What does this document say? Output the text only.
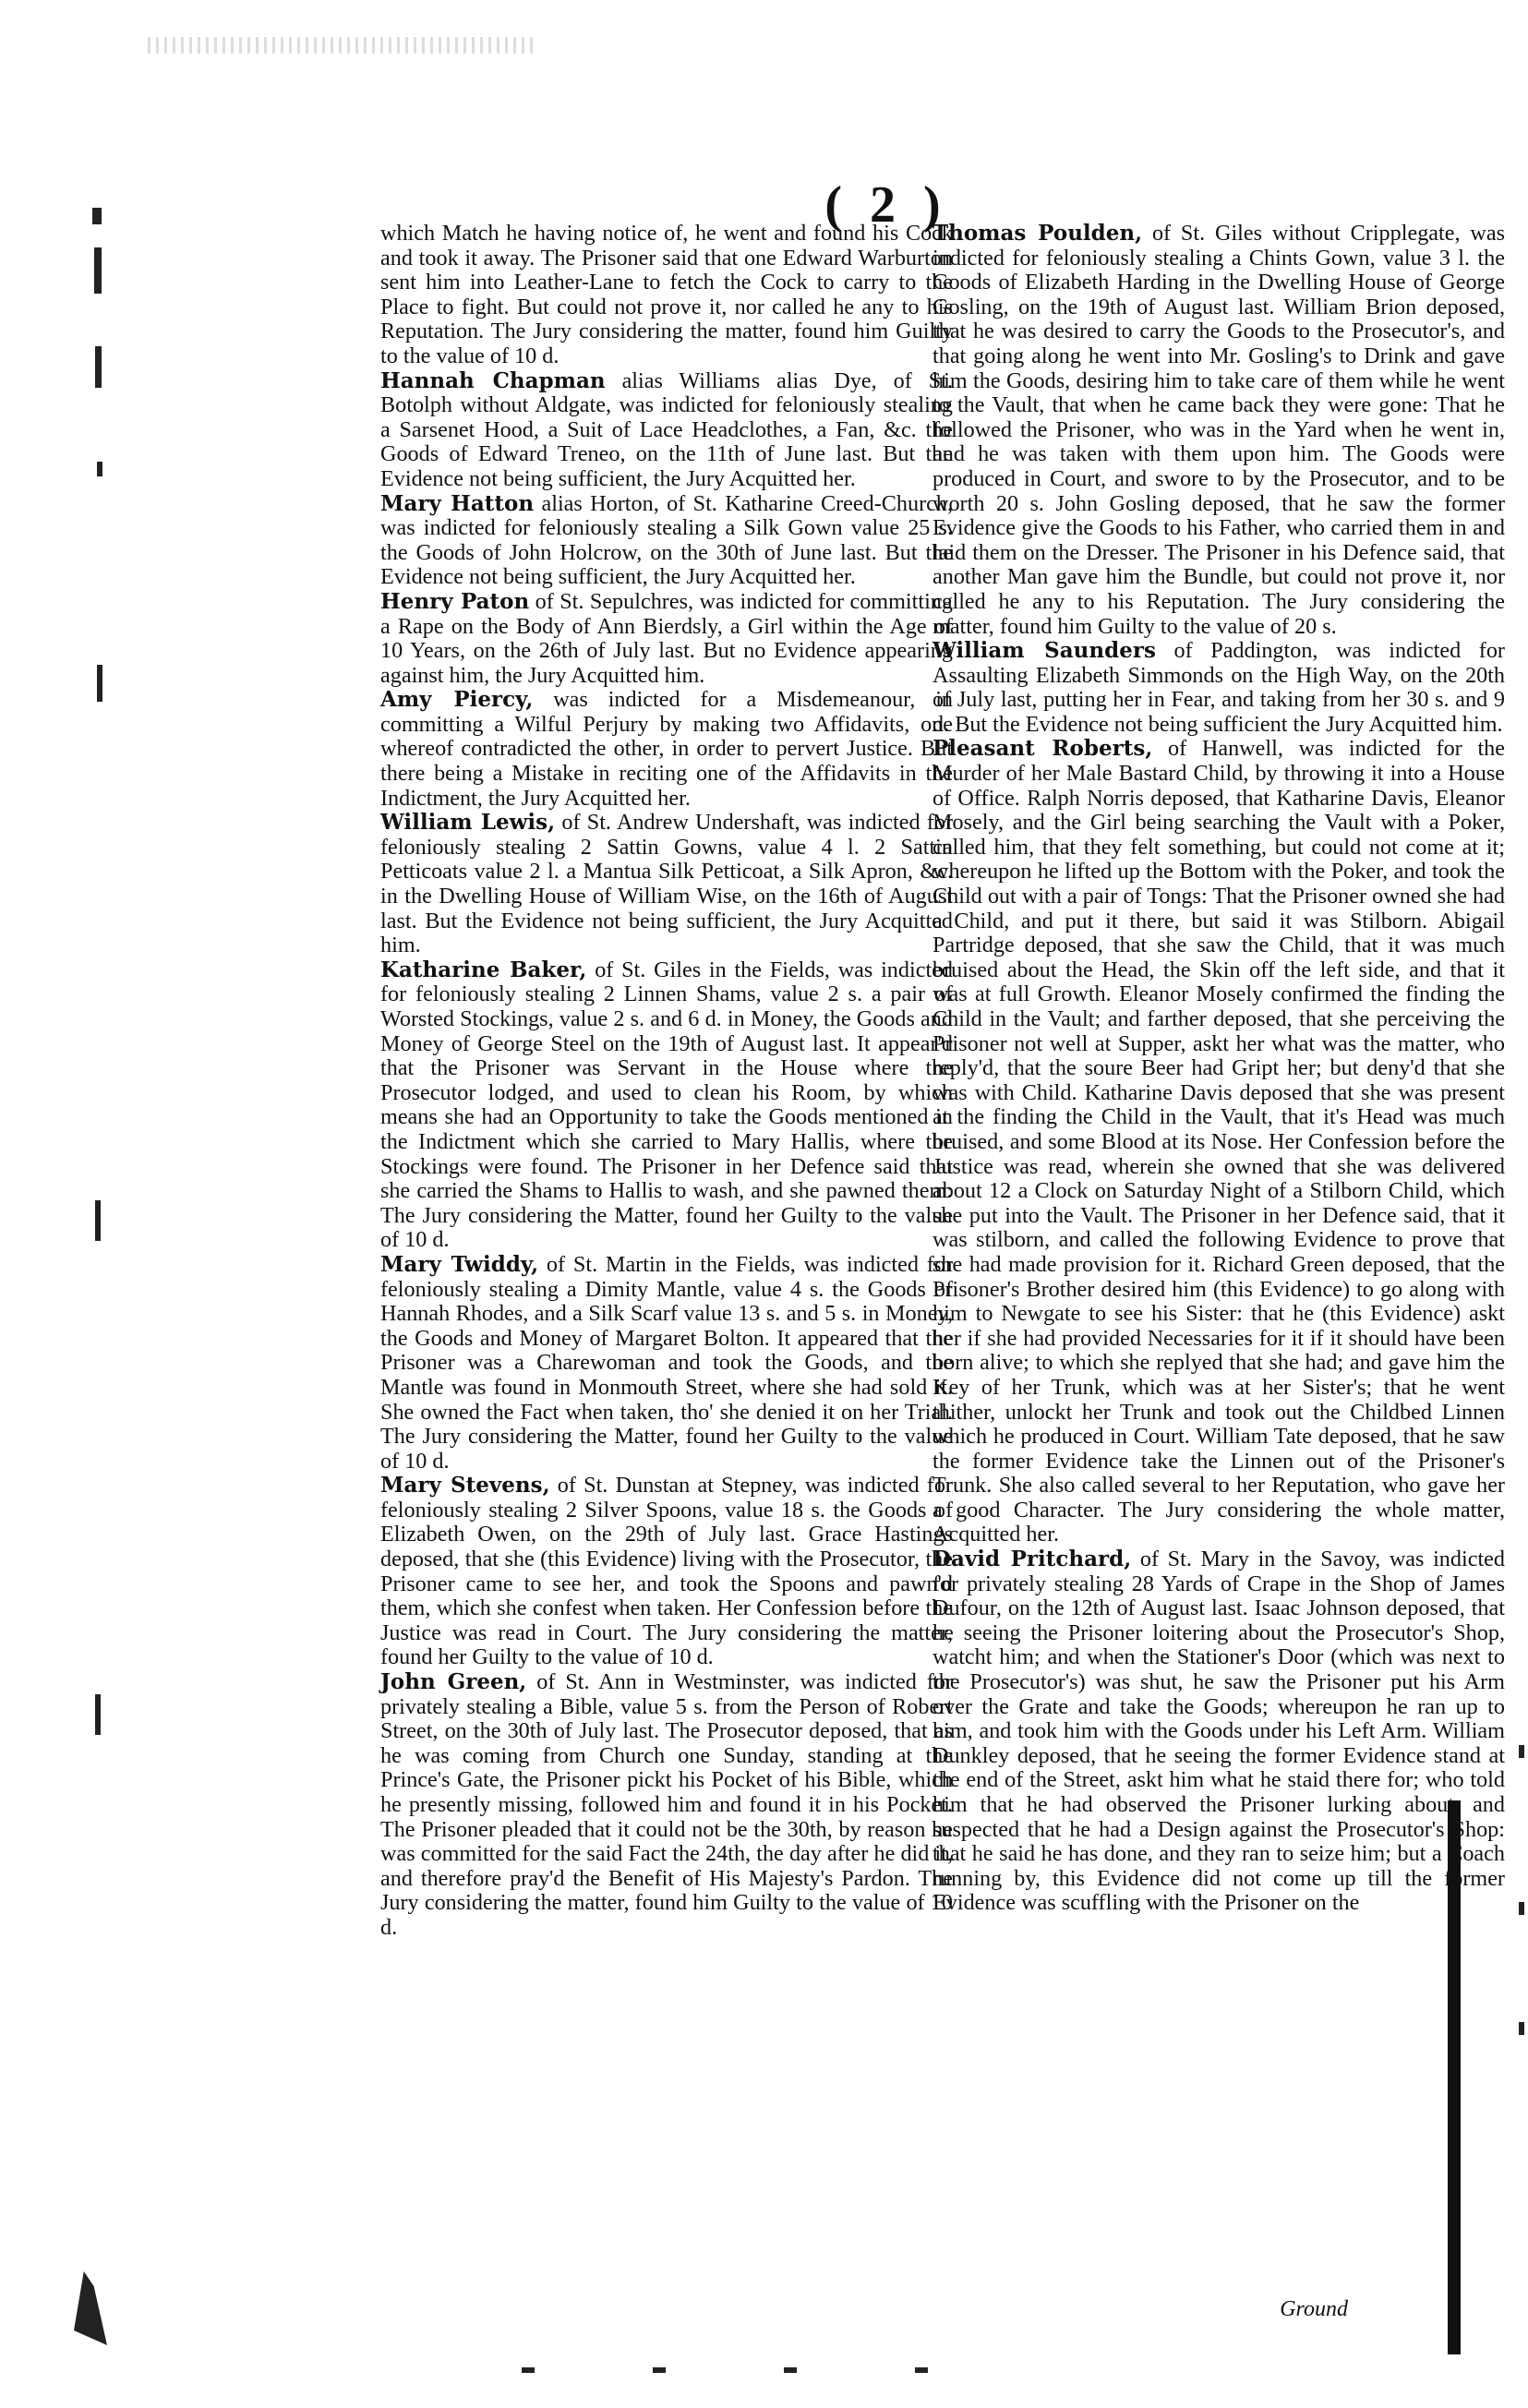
( 2 )

which Match he having notice of, he went and found his Cock and took it away. The Prisoner said that one Edward Warburton sent him into Leather-Lane to fetch the Cock to carry to the Place to fight. But could not prove it, nor called he any to his Reputation. The Jury considering the matter, found him Guilty to the value of 10 d.

Hannah Chapman alias Williams alias Dye, of St. Botolph without Aldgate, was indicted for feloniously stealing a Sarsenet Hood, a Suit of Lace Headclothes, a Fan, &c. the Goods of Edward Treneo, on the 11th of June last. But the Evidence not being sufficient, the Jury Acquitted her.

Mary Hatton alias Horton, of St. Katharine Creed-Church, was indicted for feloniously stealing a Silk Gown value 25 s. the Goods of John Holcrow, on the 30th of June last. But the Evidence not being sufficient, the Jury Acquitted her.

Henry Paton of St. Sepulchres, was indicted for committing a Rape on the Body of Ann Bierdsly, a Girl within the Age of 10 Years, on the 26th of July last. But no Evidence appearing against him, the Jury Acquitted him.

Amy Piercy, was indicted for a Misdemeanour, in committing a Wilful Perjury by making two Affidavits, one whereof contradicted the other, in order to pervert Justice. But there being a Mistake in reciting one of the Affidavits in the Indictment, the Jury Acquitted her.

William Lewis, of St. Andrew Undershaft, was indicted for feloniously stealing 2 Sattin Gowns, value 4 l. 2 Sattin Petticoats value 2 l. a Mantua Silk Petticoat, a Silk Apron, &c. in the Dwelling House of William Wise, on the 16th of August last. But the Evidence not being sufficient, the Jury Acquitted him.

Katharine Baker, of St. Giles in the Fields, was indicted for feloniously stealing 2 Linnen Shams, value 2 s. a pair of Worsted Stockings, value 2 s. and 6 d. in Money, the Goods and Money of George Steel on the 19th of August last. It appear'd that the Prisoner was Servant in the House where the Prosecutor lodged, and used to clean his Room, by which means she had an Opportunity to take the Goods mentioned in the Indictment which she carried to Mary Hallis, where the Stockings were found. The Prisoner in her Defence said that she carried the Shams to Hallis to wash, and she pawned them: The Jury considering the Matter, found her Guilty to the value of 10 d.

Mary Twiddy, of St. Martin in the Fields, was indicted for feloniously stealing a Dimity Mantle, value 4 s. the Goods of Hannah Rhodes, and a Silk Scarf value 13 s. and 5 s. in Money, the Goods and Money of Margaret Bolton. It appeared that the Prisoner was a Charewoman and took the Goods, and the Mantle was found in Monmouth Street, where she had sold it. She owned the Fact when taken, tho' she denied it on her Trial. The Jury considering the Matter, found her Guilty to the value of 10 d.

Mary Stevens, of St. Dunstan at Stepney, was indicted for feloniously stealing 2 Silver Spoons, value 18 s. the Goods of Elizabeth Owen, on the 29th of July last. Grace Hastings deposed, that she (this Evidence) living with the Prosecutor, the Prisoner came to see her, and took the Spoons and pawn'd them, which she confest when taken. Her Confession before the Justice was read in Court. The Jury considering the matter, found her Guilty to the value of 10 d.

John Green, of St. Ann in Westminster, was indicted for privately stealing a Bible, value 5 s. from the Person of Robert Street, on the 30th of July last. The Prosecutor deposed, that as he was coming from Church one Sunday, standing at the Prince's Gate, the Prisoner pickt his Pocket of his Bible, which he presently missing, followed him and found it in his Pocket. The Prisoner pleaded that it could not be the 30th, by reason he was committed for the said Fact the 24th, the day after he did it, and therefore pray'd the Benefit of His Majesty's Pardon. The Jury considering the matter, found him Guilty to the value of 10 d.

Thomas Poulden, of St. Giles without Cripplegate, was indicted for feloniously stealing a Chints Gown, value 3 l. the Goods of Elizabeth Harding in the Dwelling House of George Gosling, on the 19th of August last. William Brion deposed, that he was desired to carry the Goods to the Prosecutor's, and that going along he went into Mr. Gosling's to Drink and gave him the Goods, desiring him to take care of them while he went to the Vault, that when he came back they were gone: That he followed the Prisoner, who was in the Yard when he went in, and he was taken with them upon him. The Goods were produced in Court, and swore to by the Prosecutor, and to be worth 20 s. John Gosling deposed, that he saw the former Evidence give the Goods to his Father, who carried them in and laid them on the Dresser. The Prisoner in his Defence said, that another Man gave him the Bundle, but could not prove it, nor called he any to his Reputation. The Jury considering the matter, found him Guilty to the value of 20 s.

William Saunders of Paddington, was indicted for Assaulting Elizabeth Simmonds on the High Way, on the 20th of July last, putting her in Fear, and taking from her 30 s. and 9 d. But the Evidence not being sufficient the Jury Acquitted him.

Pleasant Roberts, of Hanwell, was indicted for the Murder of her Male Bastard Child, by throwing it into a House of Office. Ralph Norris deposed, that Katharine Davis, Eleanor Mosely, and the Girl being searching the Vault with a Poker, called him, that they felt something, but could not come at it; whereupon he lifted up the Bottom with the Poker, and took the Child out with a pair of Tongs: That the Prisoner owned she had a Child, and put it there, but said it was Stilborn. Abigail Partridge deposed, that she saw the Child, that it was much bruised about the Head, the Skin off the left side, and that it was at full Growth. Eleanor Mosely confirmed the finding the Child in the Vault; and farther deposed, that she perceiving the Prisoner not well at Supper, askt her what was the matter, who reply'd, that the soure Beer had Gript her; but deny'd that she was with Child. Katharine Davis deposed that she was present at the finding the Child in the Vault, that it's Head was much bruised, and some Blood at its Nose. Her Confession before the Justice was read, wherein she owned that she was delivered about 12 a Clock on Saturday Night of a Stilborn Child, which she put into the Vault. The Prisoner in her Defence said, that it was stilborn, and called the following Evidence to prove that she had made provision for it. Richard Green deposed, that the Prisoner's Brother desired him (this Evidence) to go along with him to Newgate to see his Sister: that he (this Evidence) askt her if she had provided Necessaries for it if it should have been born alive; to which she replyed that she had; and gave him the Key of her Trunk, which was at her Sister's; that he went thither, unlockt her Trunk and took out the Childbed Linnen which he produced in Court. William Tate deposed, that he saw the former Evidence take the Linnen out of the Prisoner's Trunk. She also called several to her Reputation, who gave her a good Character. The Jury considering the whole matter, Acquitted her.

David Pritchard, of St. Mary in the Savoy, was indicted for privately stealing 28 Yards of Crape in the Shop of James Dufour, on the 12th of August last. Isaac Johnson deposed, that he seeing the Prisoner loitering about the Prosecutor's Shop, watcht him; and when the Stationer's Door (which was next to the Prosecutor's) was shut, he saw the Prisoner put his Arm over the Grate and take the Goods; whereupon he ran up to him, and took him with the Goods under his Left Arm. William Dunkley deposed, that he seeing the former Evidence stand at the end of the Street, askt him what he staid there for; who told him that he had observed the Prisoner lurking about, and suspected that he had a Design against the Prosecutor's Shop: that he said he has done, and they ran to seize him; but a Coach running by, this Evidence did not come up till the former Evidence was scuffling with the Prisoner on the

Ground
